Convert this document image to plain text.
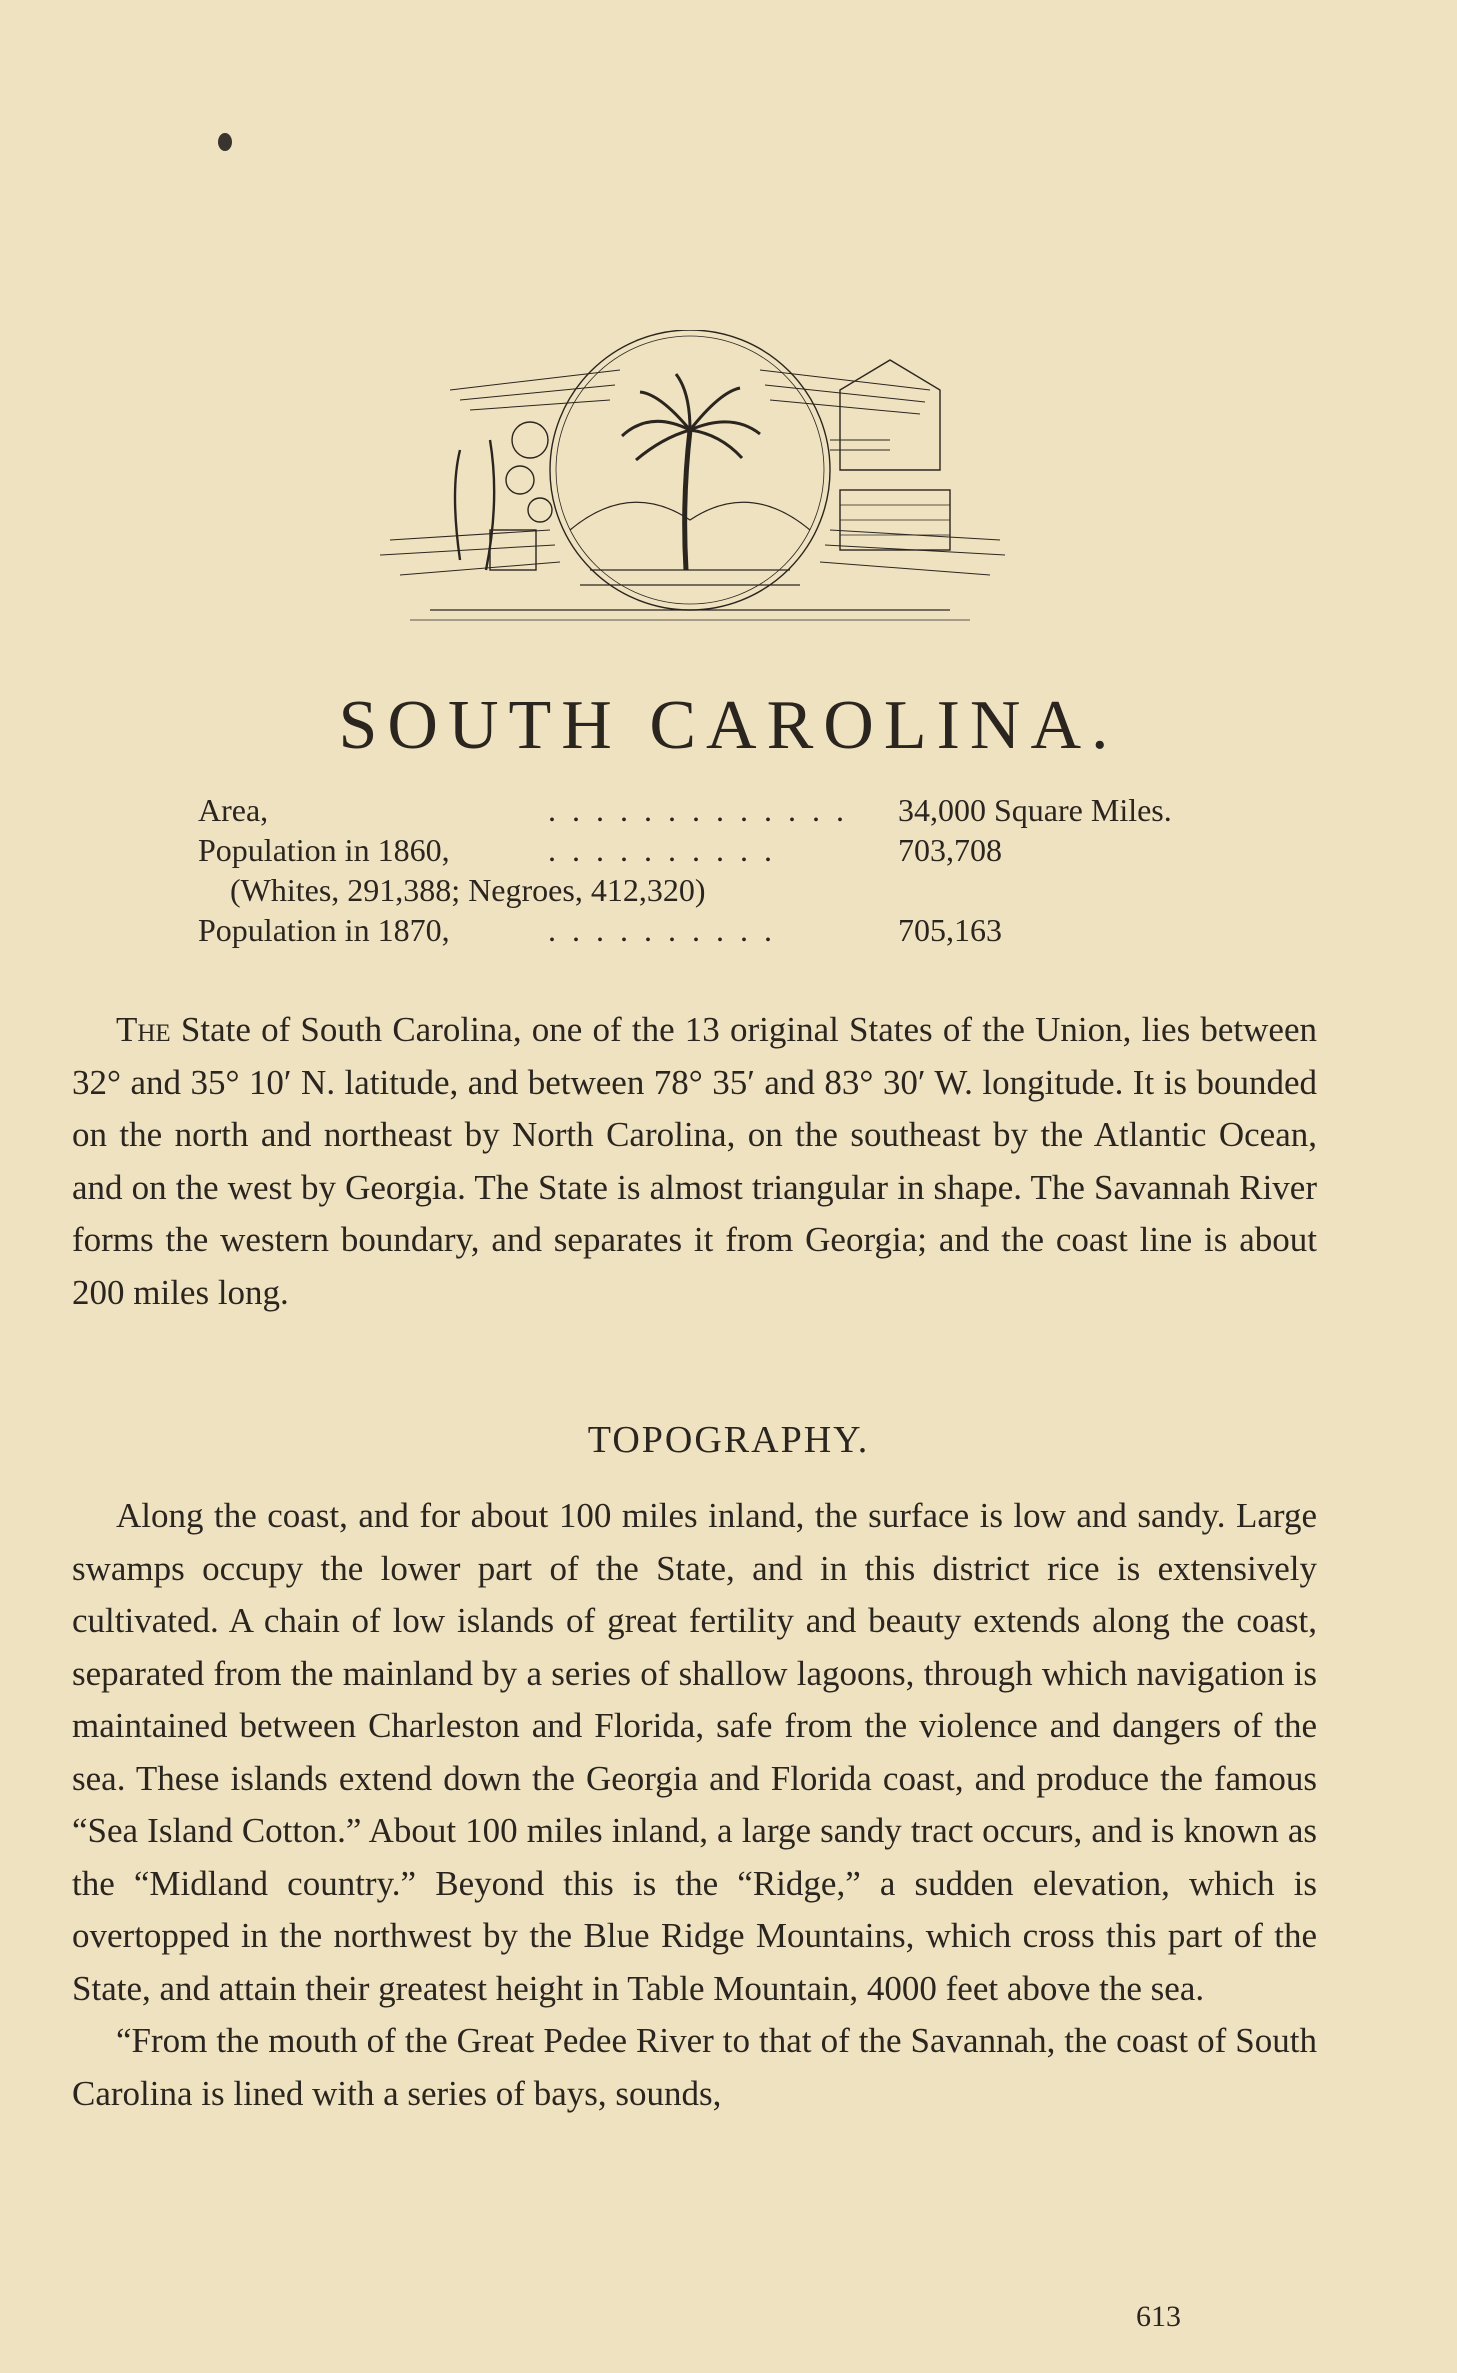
SOUTH CAROLINA.
Area,	. . . . . . . . . . . . . 34,000 Square Miles.
Population in 1860,	. . . . . . . . . .	703,708
(Whites, 291,388; Negroes, 412,320)
Population in 1870,	. . . . . . . . . .	705,163

The State of South Carolina, one of the 13 original States of the Union, lies between 32° and 35° 10′ N. latitude, and between 78° 35′ and 83° 30′ W. longitude. It is bounded on the north and northeast by North Carolina, on the southeast by the Atlantic Ocean, and on the west by Georgia. The State is almost triangular in shape. The Savannah River forms the western boundary, and separates it from Georgia; and the coast line is about 200 miles long.

TOPOGRAPHY.

Along the coast, and for about 100 miles inland, the surface is low and sandy. Large swamps occupy the lower part of the State, and in this district rice is extensively cultivated. A chain of low islands of great fertility and beauty extends along the coast, separated from the mainland by a series of shallow lagoons, through which navigation is maintained between Charleston and Florida, safe from the violence and dangers of the sea. These islands extend down the Georgia and Florida coast, and produce the famous “Sea Island Cotton.” About 100 miles inland, a large sandy tract occurs, and is known as the “Midland country.” Beyond this is the “Ridge,” a sudden elevation, which is overtopped in the northwest by the Blue Ridge Mountains, which cross this part of the State, and attain their greatest height in Table Mountain, 4000 feet above the sea.

“From the mouth of the Great Pedee River to that of the Savannah, the coast of South Carolina is lined with a series of bays, sounds,

613
